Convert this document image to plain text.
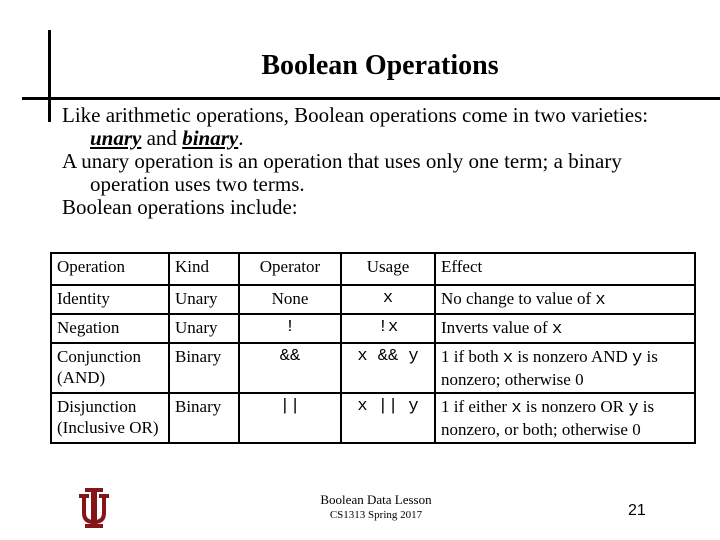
Boolean Operations
Like arithmetic operations, Boolean operations come in two varieties: unary and binary.
A unary operation is an operation that uses only one term; a binary operation uses two terms.
Boolean operations include:
Operation	Kind	Operator	Usage	Effect
Identity	Unary	None	x	No change to value of x
Negation	Unary	!	!x	Inverts value of x
Conjunction (AND)	Binary	&&	x && y	1 if both x is nonzero AND y is nonzero; otherwise 0
Disjunction (Inclusive OR)	Binary	||	x || y	1 if either x is nonzero OR y is nonzero, or both; otherwise 0
Boolean Data Lesson
CS1313 Spring 2017	21
